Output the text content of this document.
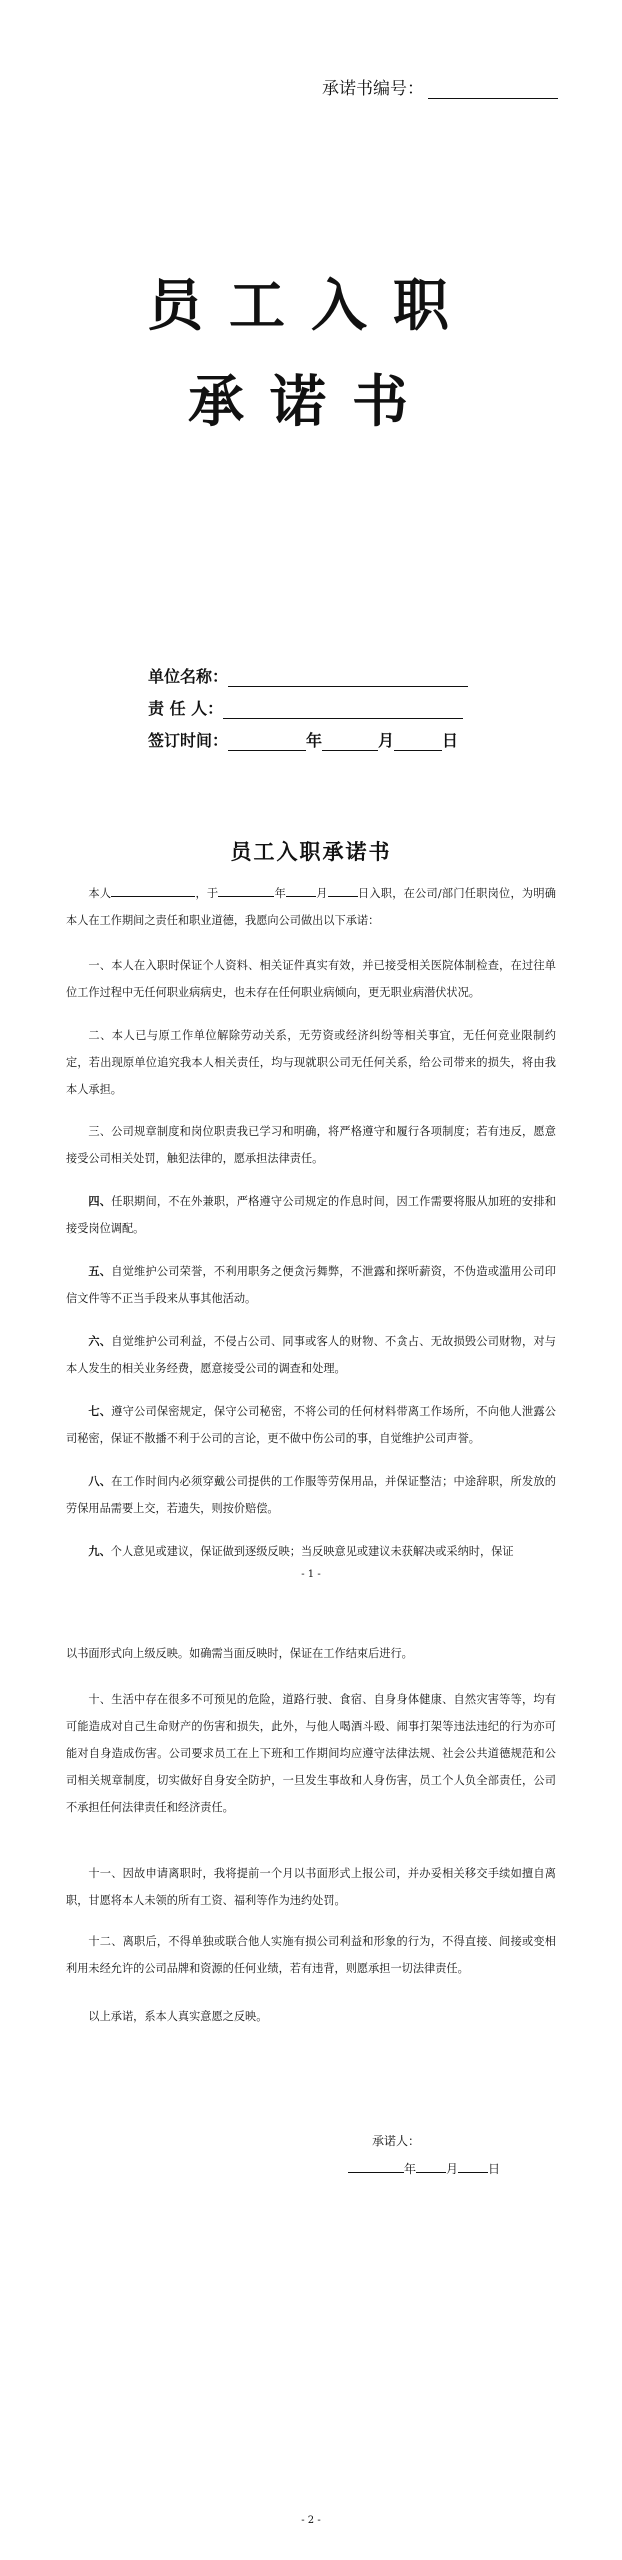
承诺书编号：
员工入职
承诺书
单位名称：
责 任 人：
签订时间：	年	月	日
员工入职承诺书
本人	，于	年	月	日入职，在公司/部门任职岗位，为明确本人在工作期间之责任和职业道德，我愿向公司做出以下承诺：
一、本人在入职时保证个人资料、相关证件真实有效，并已接受相关医院体制检查，在过往单位工作过程中无任何职业病病史，也未存在任何职业病倾向，更无职业病潜伏状况。
二、本人已与原工作单位解除劳动关系，无劳资或经济纠纷等相关事宜，无任何竞业限制约定，若出现原单位追究我本人相关责任，均与现就职公司无任何关系，给公司带来的损失，将由我本人承担。
三、公司规章制度和岗位职责我已学习和明确，将严格遵守和履行各项制度；若有违反，愿意接受公司相关处罚，触犯法律的，愿承担法律责任。
四、任职期间，不在外兼职，严格遵守公司规定的作息时间，因工作需要将服从加班的安排和接受岗位调配。
五、自觉维护公司荣誉，不利用职务之便贪污舞弊，不泄露和探听薪资，不伪造或滥用公司印信文件等不正当手段来从事其他活动。
六、自觉维护公司利益，不侵占公司、同事或客人的财物、不贪占、无故损毁公司财物，对与本人发生的相关业务经费，愿意接受公司的调查和处理。
七、遵守公司保密规定，保守公司秘密，不将公司的任何材料带离工作场所，不向他人泄露公司秘密，保证不散播不利于公司的言论，更不做中伤公司的事，自觉维护公司声誉。
八、在工作时间内必须穿戴公司提供的工作服等劳保用品，并保证整洁；中途辞职，所发放的劳保用品需要上交，若遗失，则按价赔偿。
九、个人意见或建议，保证做到逐级反映；当反映意见或建议未获解决或采纳时，保证
- 1 -
以书面形式向上级反映。如确需当面反映时，保证在工作结束后进行。
十、生活中存在很多不可预见的危险，道路行驶、食宿、自身身体健康、自然灾害等等，均有可能造成对自己生命财产的伤害和损失，此外，与他人喝酒斗殴、闹事打架等违法违纪的行为亦可能对自身造成伤害。公司要求员工在上下班和工作期间均应遵守法律法规、社会公共道德规范和公司相关规章制度，切实做好自身安全防护，一旦发生事故和人身伤害，员工个人负全部责任，公司不承担任何法律责任和经济责任。
十一、因故申请离职时，我将提前一个月以书面形式上报公司，并办妥相关移交手续如擅自离职，甘愿将本人未领的所有工资、福利等作为违约处罚。
十二、离职后，不得单独或联合他人实施有损公司利益和形象的行为，不得直接、间接或变相利用未经允许的公司品牌和资源的任何业绩，若有违背，则愿承担一切法律责任。
以上承诺，系本人真实意愿之反映。
承诺人：
年	月	日
- 2 -
